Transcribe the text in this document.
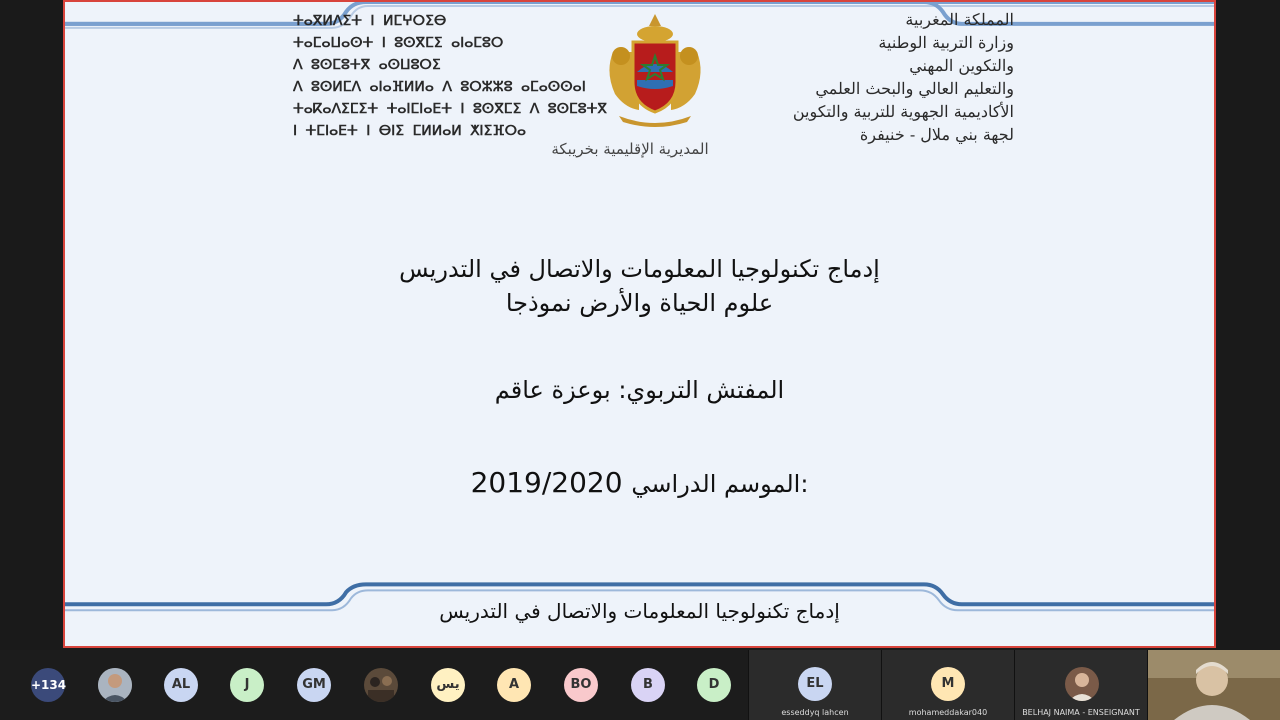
المملكة المغربية
وزارة التربية الوطنية
والتكوين المهني
والتعليم العالي والبحث العلمي
الأكاديمية الجهوية للتربية والتكوين
لجهة بني ملال - خنيفرة
ⵜⴰⴳⵍⴷⵉⵜ ⵏ ⵍⵎⵖⵔⵉⴱ
ⵜⴰⵎⴰⵡⴰⵙⵜ ⵏ ⵓⵙⴳⵎⵉ ⴰⵏⴰⵎⵓⵔ
ⴷ ⵓⵙⵎⵓⵜⴳ ⴰⵙⵡⵓⵔⵉ
ⴷ ⵓⵙⵍⵎⴷ ⴰⵏⴰⴼⵍⵍⴰ ⴷ ⵓⵔⵣⵣⵓ ⴰⵎⴰⵙⵙⴰⵏ
ⵜⴰⴽⴰⴷⵉⵎⵉⵜ ⵜⴰⵏⵎⵏⴰⴹⵜ ⵏ ⵓⵙⴳⵎⵉ ⴷ ⵓⵙⵎⵓⵜⴳ
ⵏ ⵜⵎⵏⴰⴹⵜ ⵏ ⴱⵏⵉ ⵎⵍⵍⴰⵍ ⵅⵏⵉⴼⵔⴰ
المديرية الإقليمية بخريبكة
إدماج تكنولوجيا المعلومات والاتصال في التدريس
علوم الحياة والأرض نموذجا
المفتش التربوي: بوعزة عاقم
2019/2020 الموسم الدراسي:
إدماج تكنولوجيا المعلومات والاتصال في التدريس
+134	AL	J	GM	يس	A	BO	B	D	EL
esseddyq lahcen
M
mohameddakar040	BELHAJ NAIMA - ENSEIGNANT
